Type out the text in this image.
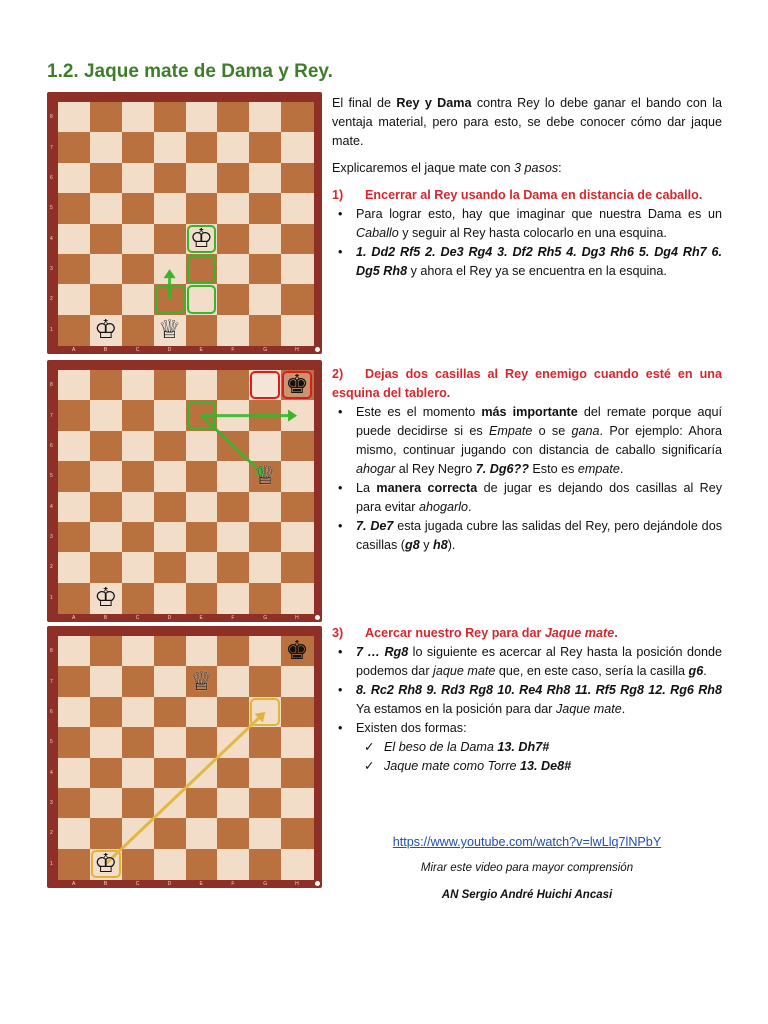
1.2. Jaque mate de Dama y Rey.
8
7
6
5
4
3
2
1
A	B	C	D	E	F	G	H
♔ ♕
♔
8
7
6
5
4
3
2
1
A	B	C	D	E	F	G	H
♚
♕
♔
8
7
6
5
4
3
2
1
A	B	C	D	E	F	G	H
♚
♕
♔

El final de Rey y Dama contra Rey lo debe ganar el bando con la ventaja material, pero para esto, se debe conocer cómo dar jaque mate.

Explicaremos el jaque mate con 3 pasos:

1) Encerrar al Rey usando la Dama en distancia de caballo.

• Para lograr esto, hay que imaginar que nuestra Dama es un Caballo y seguir al Rey hasta colocarlo en una esquina.
• 1. Dd2 Rf5 2. De3 Rg4 3. Df2 Rh5 4. Dg3 Rh6 5. Dg4 Rh7 6. Dg5 Rh8 y ahora el Rey ya se encuentra en la esquina.

2) Dejas dos casillas al Rey enemigo cuando esté en una esquina del tablero.

• Este es el momento más importante del remate porque aquí puede decidirse si es Empate o se gana. Por ejemplo: Ahora mismo, continuar jugando con distancia de caballo significaría ahogar al Rey Negro 7. Dg6?? Esto es empate.
• La manera correcta de jugar es dejando dos casillas al Rey para evitar ahogarlo.
• 7. De7 esta jugada cubre las salidas del Rey, pero dejándole dos casillas (g8 y h8).

3) Acercar nuestro Rey para dar Jaque mate.

• 7 … Rg8 lo siguiente es acercar al Rey hasta la posición donde podemos dar jaque mate que, en este caso, sería la casilla g6.
• 8. Rc2 Rh8 9. Rd3 Rg8 10. Re4 Rh8 11. Rf5 Rg8 12. Rg6 Rh8 Ya estamos en la posición para dar Jaque mate.
• Existen dos formas:
✓ El beso de la Dama 13. Dh7#
✓ Jaque mate como Torre 13. De8#
https://www.youtube.com/watch?v=lwLlq7lNPbY
Mirar este video para mayor comprensión
AN Sergio André Huichi Ancasi
